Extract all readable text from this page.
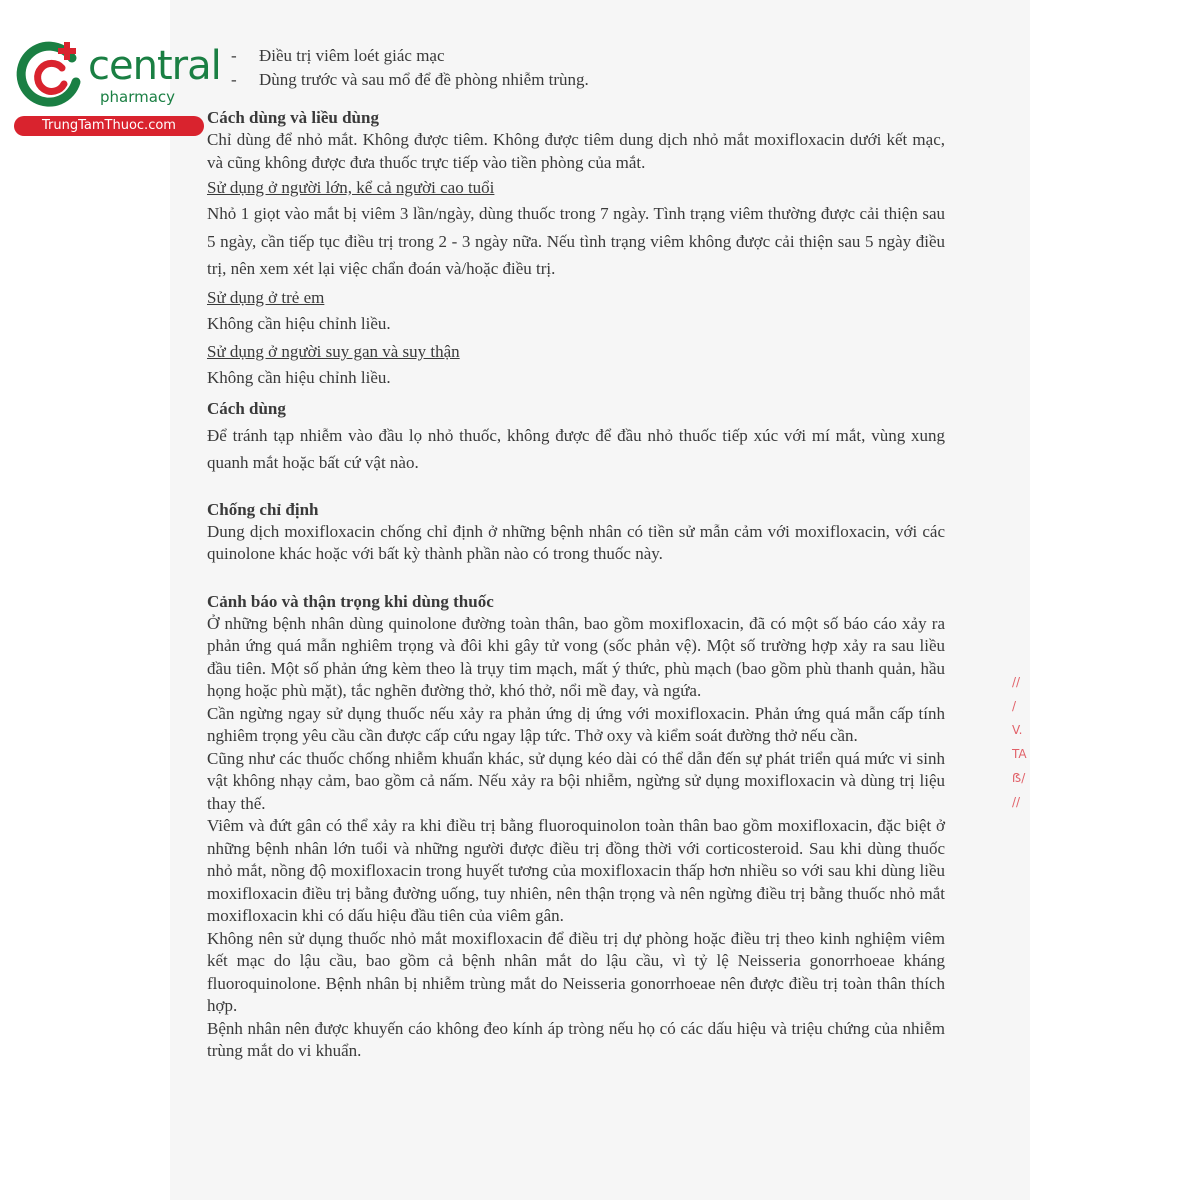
central
pharmacy
TrungTamThuoc.com
- Điều trị viêm loét giác mạc
- Dùng trước và sau mổ để đề phòng nhiễm trùng.

Cách dùng và liều dùng

Chỉ dùng để nhỏ mắt. Không được tiêm. Không được tiêm dung dịch nhỏ mắt moxifloxacin dưới kết mạc, và cũng không được đưa thuốc trực tiếp vào tiền phòng của mắt.

Sử dụng ở người lớn, kể cả người cao tuổi

Nhỏ 1 giọt vào mắt bị viêm 3 lần/ngày, dùng thuốc trong 7 ngày. Tình trạng viêm thường được cải thiện sau 5 ngày, cần tiếp tục điều trị trong 2 - 3 ngày nữa. Nếu tình trạng viêm không được cải thiện sau 5 ngày điều trị, nên xem xét lại việc chẩn đoán và/hoặc điều trị.

Sử dụng ở trẻ em

Không cần hiệu chỉnh liều.

Sử dụng ở người suy gan và suy thận

Không cần hiệu chỉnh liều.

Cách dùng

Để tránh tạp nhiễm vào đầu lọ nhỏ thuốc, không được để đầu nhỏ thuốc tiếp xúc với mí mắt, vùng xung quanh mắt hoặc bất cứ vật nào.

Chống chỉ định

Dung dịch moxifloxacin chống chỉ định ở những bệnh nhân có tiền sử mẫn cảm với moxifloxacin, với các quinolone khác hoặc với bất kỳ thành phần nào có trong thuốc này.

Cảnh báo và thận trọng khi dùng thuốc

Ở những bệnh nhân dùng quinolone đường toàn thân, bao gồm moxifloxacin, đã có một số báo cáo xảy ra phản ứng quá mẫn nghiêm trọng và đôi khi gây tử vong (sốc phản vệ). Một số trường hợp xảy ra sau liều đầu tiên. Một số phản ứng kèm theo là trụy tim mạch, mất ý thức, phù mạch (bao gồm phù thanh quản, hầu họng hoặc phù mặt), tắc nghẽn đường thở, khó thở, nổi mề đay, và ngứa.

Cần ngừng ngay sử dụng thuốc nếu xảy ra phản ứng dị ứng với moxifloxacin. Phản ứng quá mẫn cấp tính nghiêm trọng yêu cầu cần được cấp cứu ngay lập tức. Thở oxy và kiểm soát đường thở nếu cần.

Cũng như các thuốc chống nhiễm khuẩn khác, sử dụng kéo dài có thể dẫn đến sự phát triển quá mức vi sinh vật không nhạy cảm, bao gồm cả nấm. Nếu xảy ra bội nhiễm, ngừng sử dụng moxifloxacin và dùng trị liệu thay thế.

Viêm và đứt gân có thể xảy ra khi điều trị bằng fluoroquinolon toàn thân bao gồm moxifloxacin, đặc biệt ở những bệnh nhân lớn tuổi và những người được điều trị đồng thời với corticosteroid. Sau khi dùng thuốc nhỏ mắt, nồng độ moxifloxacin trong huyết tương của moxifloxacin thấp hơn nhiều so với sau khi dùng liều moxifloxacin điều trị bằng đường uống, tuy nhiên, nên thận trọng và nên ngừng điều trị bằng thuốc nhỏ mắt moxifloxacin khi có dấu hiệu đầu tiên của viêm gân.

Không nên sử dụng thuốc nhỏ mắt moxifloxacin để điều trị dự phòng hoặc điều trị theo kinh nghiệm viêm kết mạc do lậu cầu, bao gồm cả bệnh nhân mắt do lậu cầu, vì tỷ lệ Neisseria gonorrhoeae kháng fluoroquinolone. Bệnh nhân bị nhiễm trùng mắt do Neisseria gonorrhoeae nên được điều trị toàn thân thích hợp.

Bệnh nhân nên được khuyến cáo không đeo kính áp tròng nếu họ có các dấu hiệu và triệu chứng của nhiễm trùng mắt do vi khuẩn.

//
/
V.
TA
ẞ/
//
